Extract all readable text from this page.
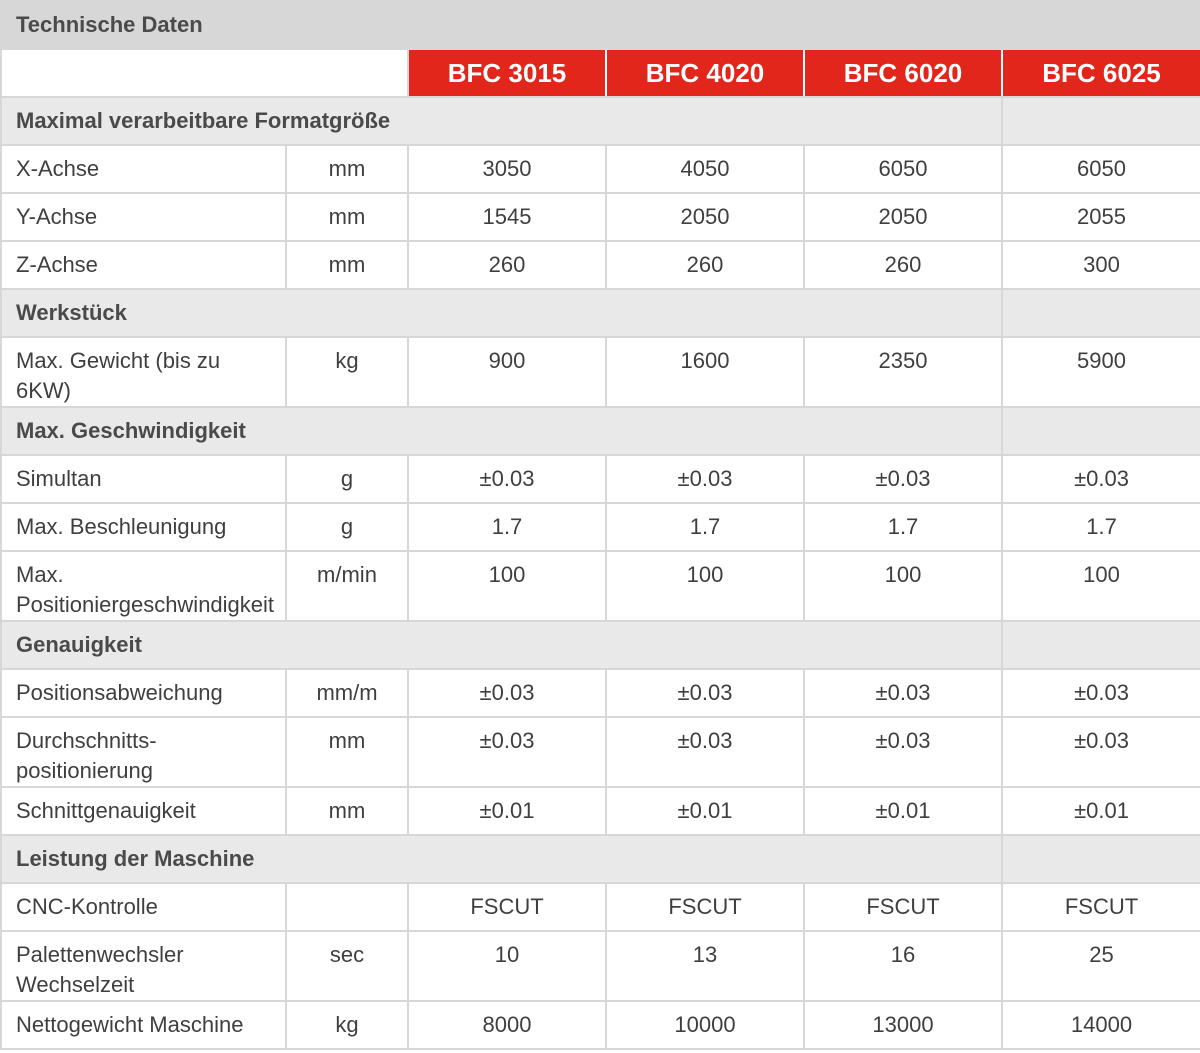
Technische Daten					
		BFC 3015	BFC 4020	BFC 6020	BFC 6025
Maximal verarbeitbare Formatgröße					
X-Achse	mm	3050	4050	6050	6050
Y-Achse	mm	1545	2050	2050	2055
Z-Achse	mm	260	260	260	300
Werkstück					
Max. Gewicht (bis zu 6KW)	kg	900	1600	2350	5900
Max. Geschwindigkeit					
Simultan	g	±0.03	±0.03	±0.03	±0.03
Max. Beschleunigung	g	1.7	1.7	1.7	1.7
Max. Positioniergeschwindigkeit	m/min	100	100	100	100
Genauigkeit					
Positionsabweichung	mm/m	±0.03	±0.03	±0.03	±0.03
Durchschnitts-positionierung	mm	±0.03	±0.03	±0.03	±0.03
Schnittgenauigkeit	mm	±0.01	±0.01	±0.01	±0.01
Leistung der Maschine					
CNC-Kontrolle		FSCUT	FSCUT	FSCUT	FSCUT
Palettenwechsler Wechselzeit	sec	10	13	16	25
Nettogewicht Maschine	kg	8000	10000	13000	14000
